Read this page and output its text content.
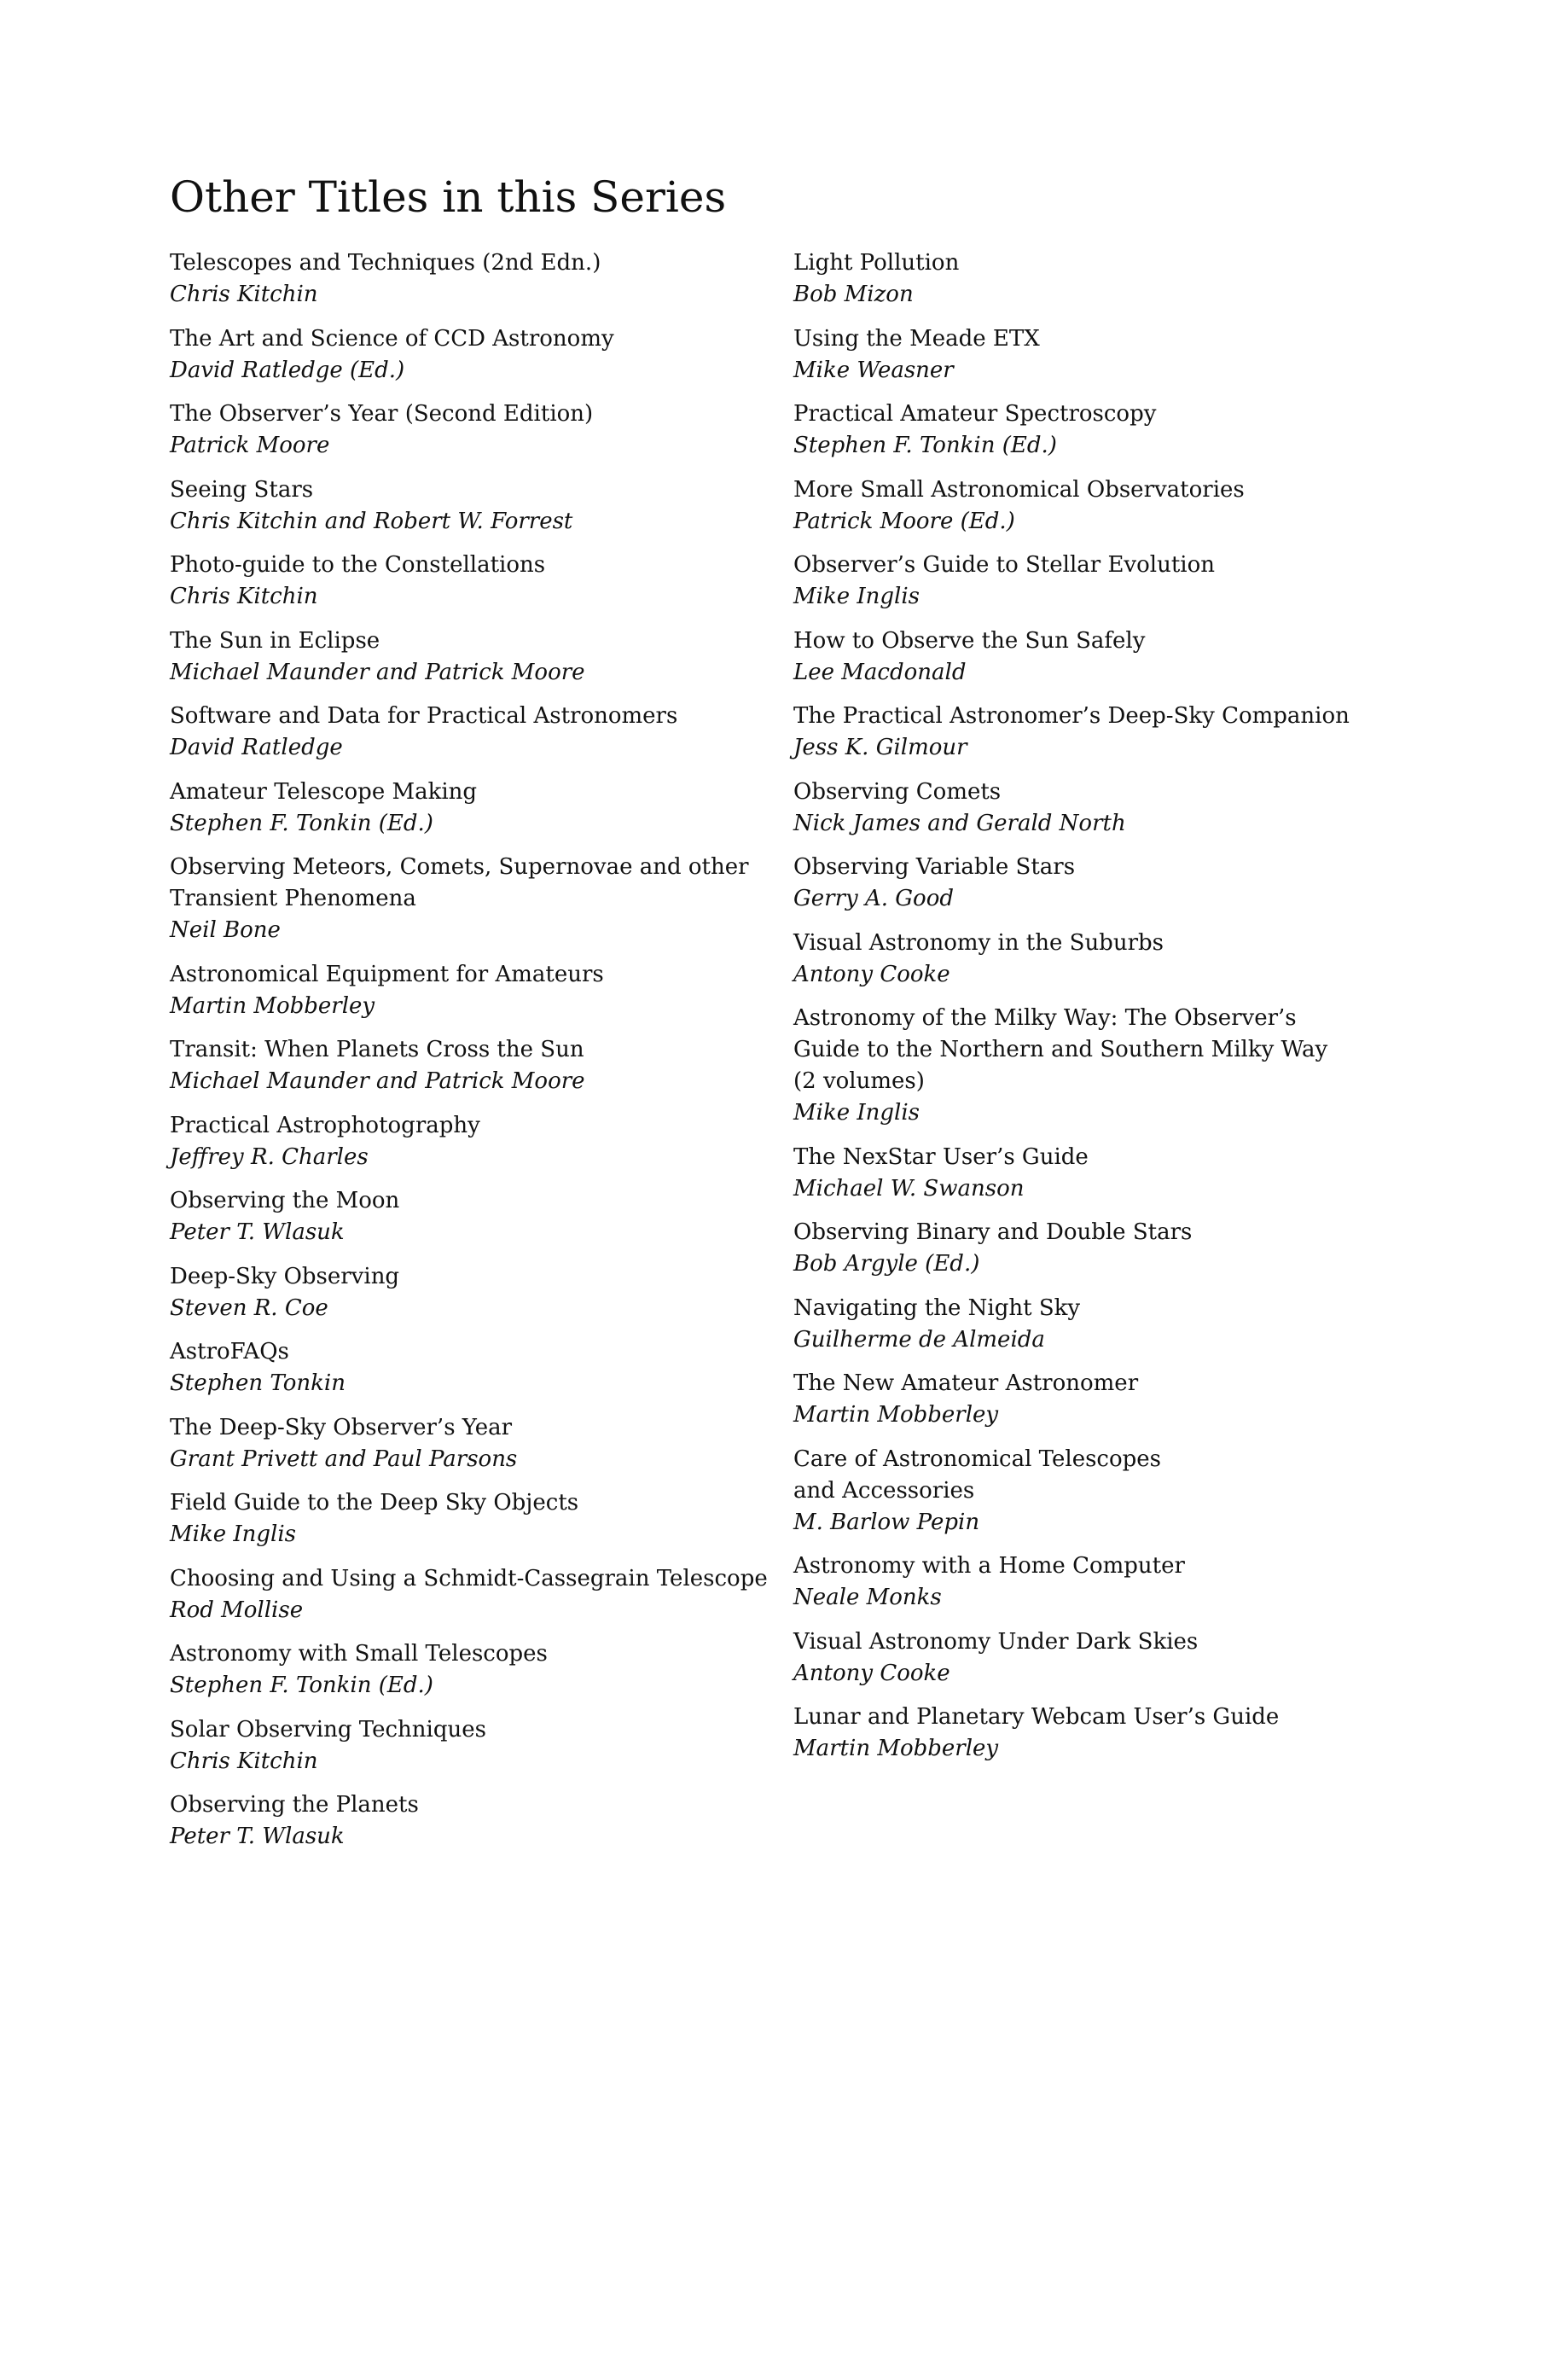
Other Titles in this Series
Telescopes and Techniques (2nd Edn.)
Chris Kitchin
The Art and Science of CCD Astronomy
David Ratledge (Ed.)
The Observer’s Year (Second Edition)
Patrick Moore
Seeing Stars
Chris Kitchin and Robert W. Forrest
Photo-guide to the Constellations
Chris Kitchin
The Sun in Eclipse
Michael Maunder and Patrick Moore
Software and Data for Practical Astronomers
David Ratledge
Amateur Telescope Making
Stephen F. Tonkin (Ed.)
Observing Meteors, Comets, Supernovae and other
Transient Phenomena
Neil Bone
Astronomical Equipment for Amateurs
Martin Mobberley
Transit: When Planets Cross the Sun
Michael Maunder and Patrick Moore
Practical Astrophotography
Jeffrey R. Charles
Observing the Moon
Peter T. Wlasuk
Deep-Sky Observing
Steven R. Coe
AstroFAQs
Stephen Tonkin
The Deep-Sky Observer’s Year
Grant Privett and Paul Parsons
Field Guide to the Deep Sky Objects
Mike Inglis
Choosing and Using a Schmidt-Cassegrain Telescope
Rod Mollise
Astronomy with Small Telescopes
Stephen F. Tonkin (Ed.)
Solar Observing Techniques
Chris Kitchin
Observing the Planets
Peter T. Wlasuk
Light Pollution
Bob Mizon
Using the Meade ETX
Mike Weasner
Practical Amateur Spectroscopy
Stephen F. Tonkin (Ed.)
More Small Astronomical Observatories
Patrick Moore (Ed.)
Observer’s Guide to Stellar Evolution
Mike Inglis
How to Observe the Sun Safely
Lee Macdonald
The Practical Astronomer’s Deep-Sky Companion
Jess K. Gilmour
Observing Comets
Nick James and Gerald North
Observing Variable Stars
Gerry A. Good
Visual Astronomy in the Suburbs
Antony Cooke
Astronomy of the Milky Way: The Observer’s
Guide to the Northern and Southern Milky Way
(2 volumes)
Mike Inglis
The NexStar User’s Guide
Michael W. Swanson
Observing Binary and Double Stars
Bob Argyle (Ed.)
Navigating the Night Sky
Guilherme de Almeida
The New Amateur Astronomer
Martin Mobberley
Care of Astronomical Telescopes
and Accessories
M. Barlow Pepin
Astronomy with a Home Computer
Neale Monks
Visual Astronomy Under Dark Skies
Antony Cooke
Lunar and Planetary Webcam User’s Guide
Martin Mobberley
